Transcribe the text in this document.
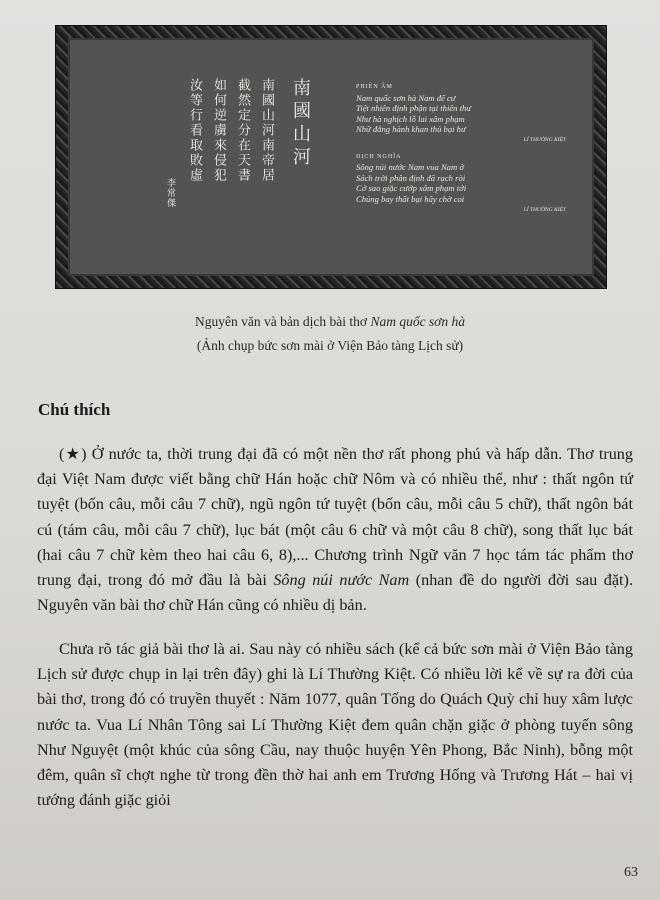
南國山河
南國山河南帝居
截然定分在天書
如何逆虜來侵犯
汝等行看取敗虛
李常傑
PHIÊN ÂM
Nam quốc sơn hà Nam đế cư
Tiệt nhiên định phận tại thiên thư
Như hà nghịch lỗ lai xâm phạm
Nhữ đẳng hành khan thủ bại hư
LÍ THƯỜNG KIỆT
DỊCH NGHĨA
Sông núi nước Nam vua Nam ở
Sách trời phân định đã rạch ròi
Cớ sao giặc cướp xâm phạm tới
Chúng bay thất bại hãy chờ coi
LÍ THƯỜNG KIỆT
Nguyên văn và bản dịch bài thơ Nam quốc sơn hà
(Ảnh chụp bức sơn mài ở Viện Bảo tàng Lịch sử)
Chú thích

(★) Ở nước ta, thời trung đại đã có một nền thơ rất phong phú và hấp dẫn. Thơ trung đại Việt Nam được viết bằng chữ Hán hoặc chữ Nôm và có nhiều thể, như : thất ngôn tứ tuyệt (bốn câu, mỗi câu 7 chữ), ngũ ngôn tứ tuyệt (bốn câu, mỗi câu 5 chữ), thất ngôn bát cú (tám câu, mỗi câu 7 chữ), lục bát (một câu 6 chữ và một câu 8 chữ), song thất lục bát (hai câu 7 chữ kèm theo hai câu 6, 8),... Chương trình Ngữ văn 7 học tám tác phẩm thơ trung đại, trong đó mở đầu là bài Sông núi nước Nam (nhan đề do người đời sau đặt). Nguyên văn bài thơ chữ Hán cũng có nhiều dị bản.

Chưa rõ tác giả bài thơ là ai. Sau này có nhiều sách (kể cả bức sơn mài ở Viện Bảo tàng Lịch sử được chụp in lại trên đây) ghi là Lí Thường Kiệt. Có nhiều lời kể về sự ra đời của bài thơ, trong đó có truyền thuyết : Năm 1077, quân Tống do Quách Quỳ chỉ huy xâm lược nước ta. Vua Lí Nhân Tông sai Lí Thường Kiệt đem quân chặn giặc ở phòng tuyến sông Như Nguyệt (một khúc của sông Cầu, nay thuộc huyện Yên Phong, Bắc Ninh), bỗng một đêm, quân sĩ chợt nghe từ trong đền thờ hai anh em Trương Hống và Trương Hát – hai vị tướng đánh giặc giỏi

63
